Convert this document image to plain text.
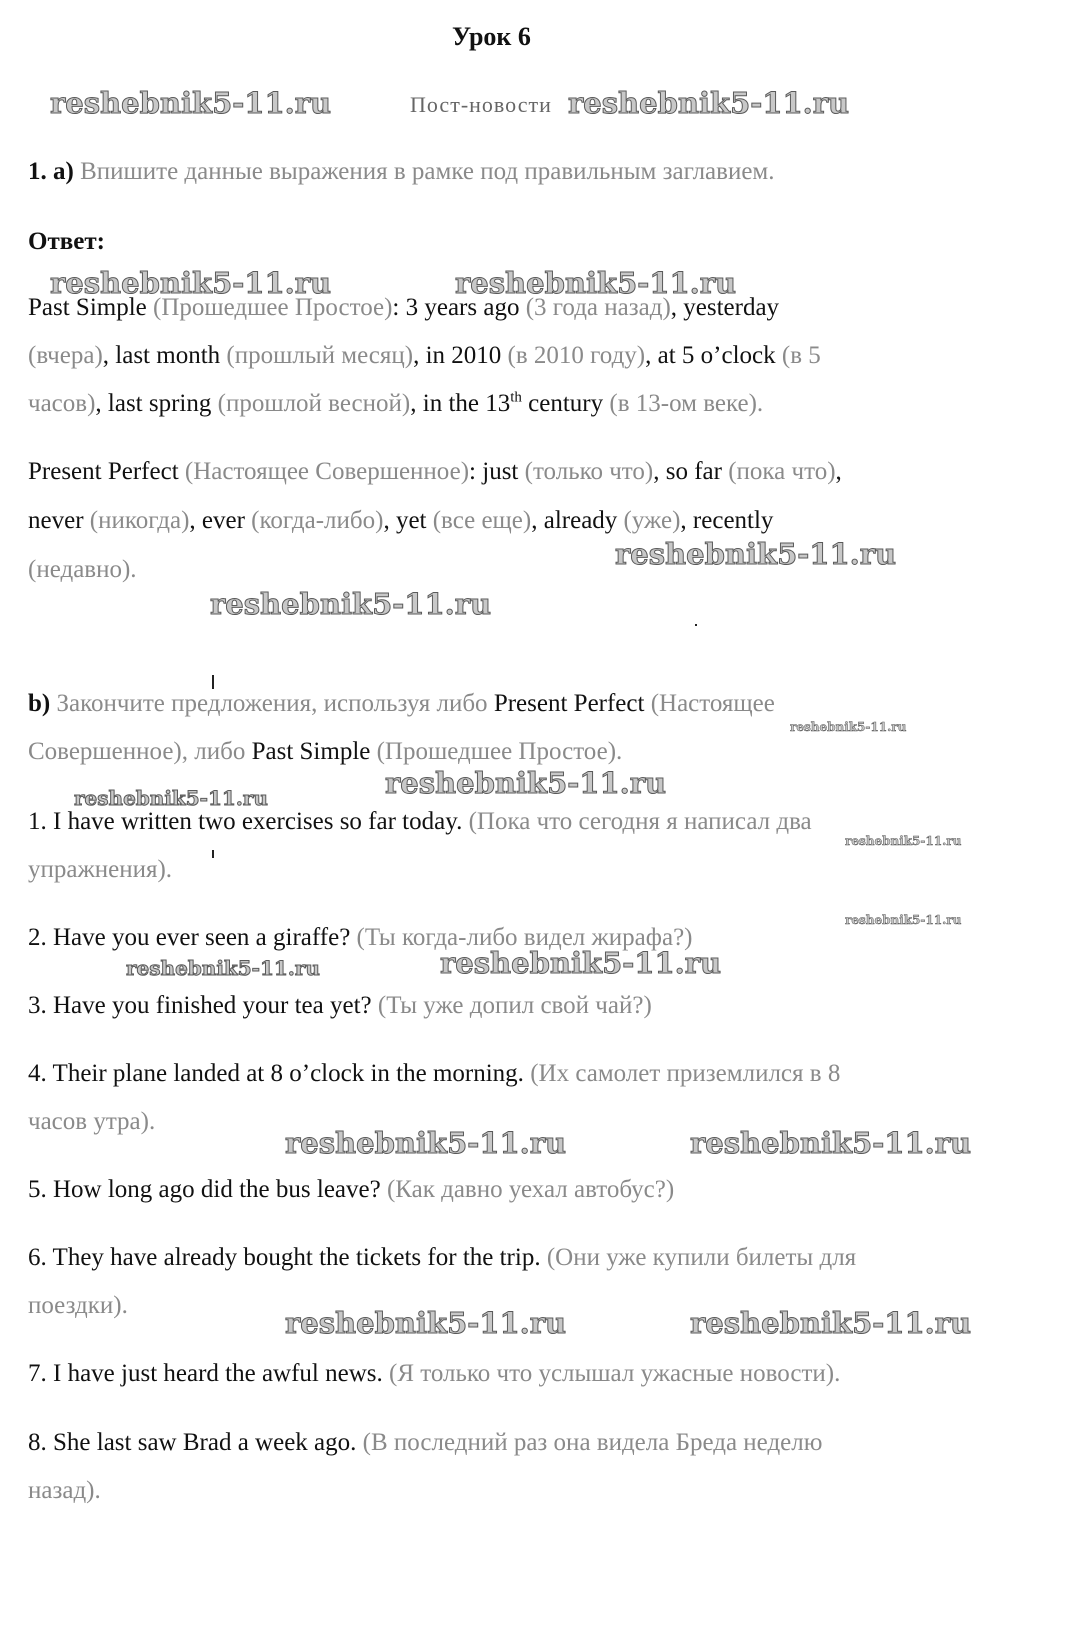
Урок 6
Пост-новости
reshebnik5-11.ru	reshebnik5-11.ru
reshebnik5-11.ru	reshebnik5-11.ru
reshebnik5-11.ru
reshebnik5-11.ru
reshebnik5-11.ru
reshebnik5-11.ru
reshebnik5-11.ru
reshebnik5-11.ru
reshebnik5-11.ru
reshebnik5-11.ru	reshebnik5-11.ru
reshebnik5-11.ru	reshebnik5-11.ru
reshebnik5-11.ru	reshebnik5-11.ru
1. а) Впишите данные выражения в рамке под правильным заглавием.
Ответ:
Past Simple (Прошедшее Простое): 3 years ago (3 года назад), yesterday
(вчера), last month (прошлый месяц), in 2010 (в 2010 году), at 5 o’clock (в 5
часов), last spring (прошлой весной), in the 13th century (в 13-ом веке).
Present Perfect (Настоящее Совершенное): just (только что), so far (пока что),
never (никогда), ever (когда-либо), yet (все еще), already (уже), recently
(недавно).
b) Закончите предложения, используя либо Present Perfect (Настоящее
Совершенное), либо Past Simple (Прошедшее Простое).
1. I have written two exercises so far today. (Пока что сегодня я написал два
упражнения).
2. Have you ever seen a giraffe? (Ты когда-либо видел жирафа?)
3. Have you finished your tea yet? (Ты уже допил свой чай?)
4. Their plane landed at 8 o’clock in the morning. (Их самолет приземлился в 8
часов утра).
5. How long ago did the bus leave? (Как давно уехал автобус?)
6. They have already bought the tickets for the trip. (Они уже купили билеты для
поездки).
7. I have just heard the awful news. (Я только что услышал ужасные новости).
8. She last saw Brad a week ago. (В последний раз она видела Бреда неделю
назад).
